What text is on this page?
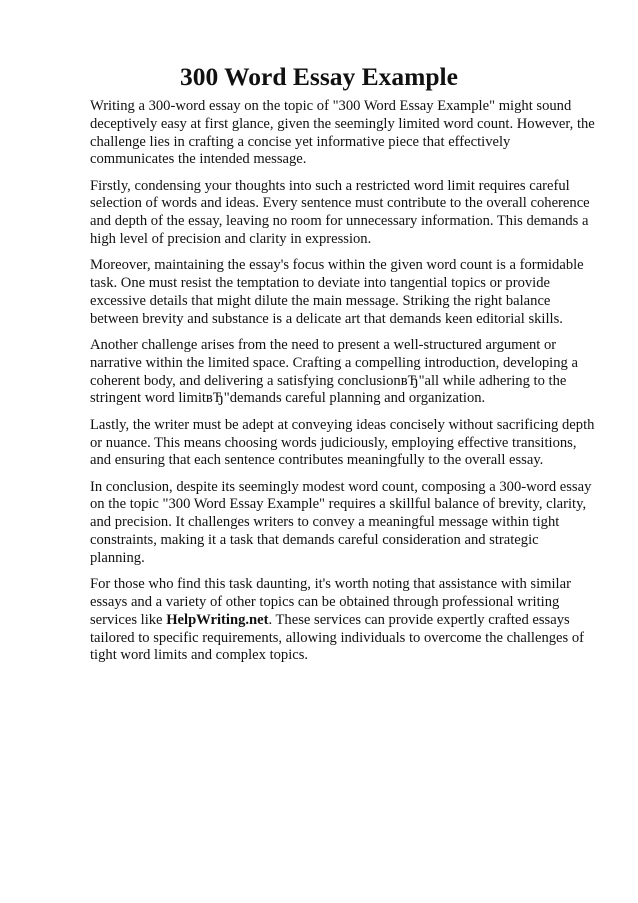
300 Word Essay Example

Writing a 300-word essay on the topic of "300 Word Essay Example" might sound deceptively easy at first glance, given the seemingly limited word count. However, the challenge lies in crafting a concise yet informative piece that effectively communicates the intended message.

Firstly, condensing your thoughts into such a restricted word limit requires careful selection of words and ideas. Every sentence must contribute to the overall coherence and depth of the essay, leaving no room for unnecessary information. This demands a high level of precision and clarity in expression.

Moreover, maintaining the essay's focus within the given word count is a formidable task. One must resist the temptation to deviate into tangential topics or provide excessive details that might dilute the main message. Striking the right balance between brevity and substance is a delicate art that demands keen editorial skills.

Another challenge arises from the need to present a well-structured argument or narrative within the limited space. Crafting a compelling introduction, developing a coherent body, and delivering a satisfying conclusionвЂ"all while adhering to the stringent word limitвЂ"demands careful planning and organization.

Lastly, the writer must be adept at conveying ideas concisely without sacrificing depth or nuance. This means choosing words judiciously, employing effective transitions, and ensuring that each sentence contributes meaningfully to the overall essay.

In conclusion, despite its seemingly modest word count, composing a 300-word essay on the topic "300 Word Essay Example" requires a skillful balance of brevity, clarity, and precision. It challenges writers to convey a meaningful message within tight constraints, making it a task that demands careful consideration and strategic planning.

For those who find this task daunting, it's worth noting that assistance with similar essays and a variety of other topics can be obtained through professional writing services like HelpWriting.net. These services can provide expertly crafted essays tailored to specific requirements, allowing individuals to overcome the challenges of tight word limits and complex topics.
